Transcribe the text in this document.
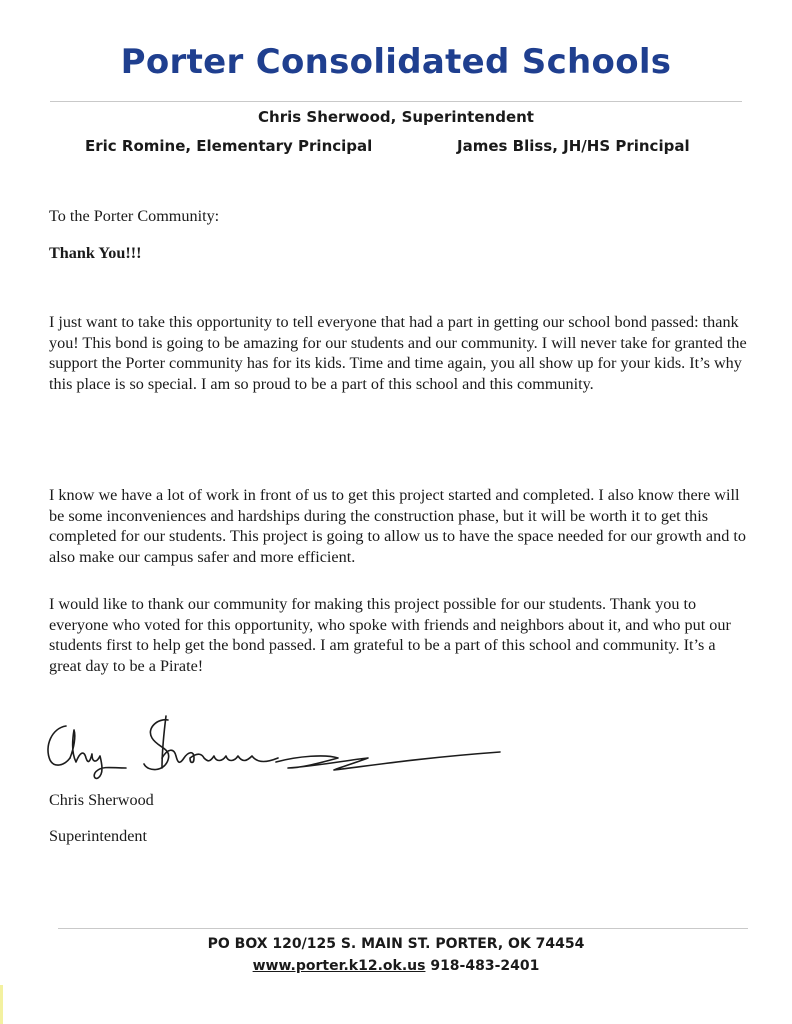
Porter Consolidated Schools
Chris Sherwood, Superintendent
Eric Romine, Elementary Principal	James Bliss, JH/HS Principal
To the Porter Community:
Thank You!!!
I just want to take this opportunity to tell everyone that had a part in getting our school bond passed: thank you! This bond is going to be amazing for our students and our community. I will never take for granted the support the Porter community has for its kids. Time and time again, you all show up for your kids. It’s why this place is so special. I am so proud to be a part of this school and this community.
I know we have a lot of work in front of us to get this project started and completed. I also know there will be some inconveniences and hardships during the construction phase, but it will be worth it to get this completed for our students. This project is going to allow us to have the space needed for our growth and to also make our campus safer and more efficient.
I would like to thank our community for making this project possible for our students. Thank you to everyone who voted for this opportunity, who spoke with friends and neighbors about it, and who put our students first to help get the bond passed. I am grateful to be a part of this school and community. It’s a great day to be a Pirate!
Chris Sherwood
Superintendent
PO BOX 120/125 S. MAIN ST. PORTER, OK 74454
www.porter.k12.ok.us 918-483-2401
